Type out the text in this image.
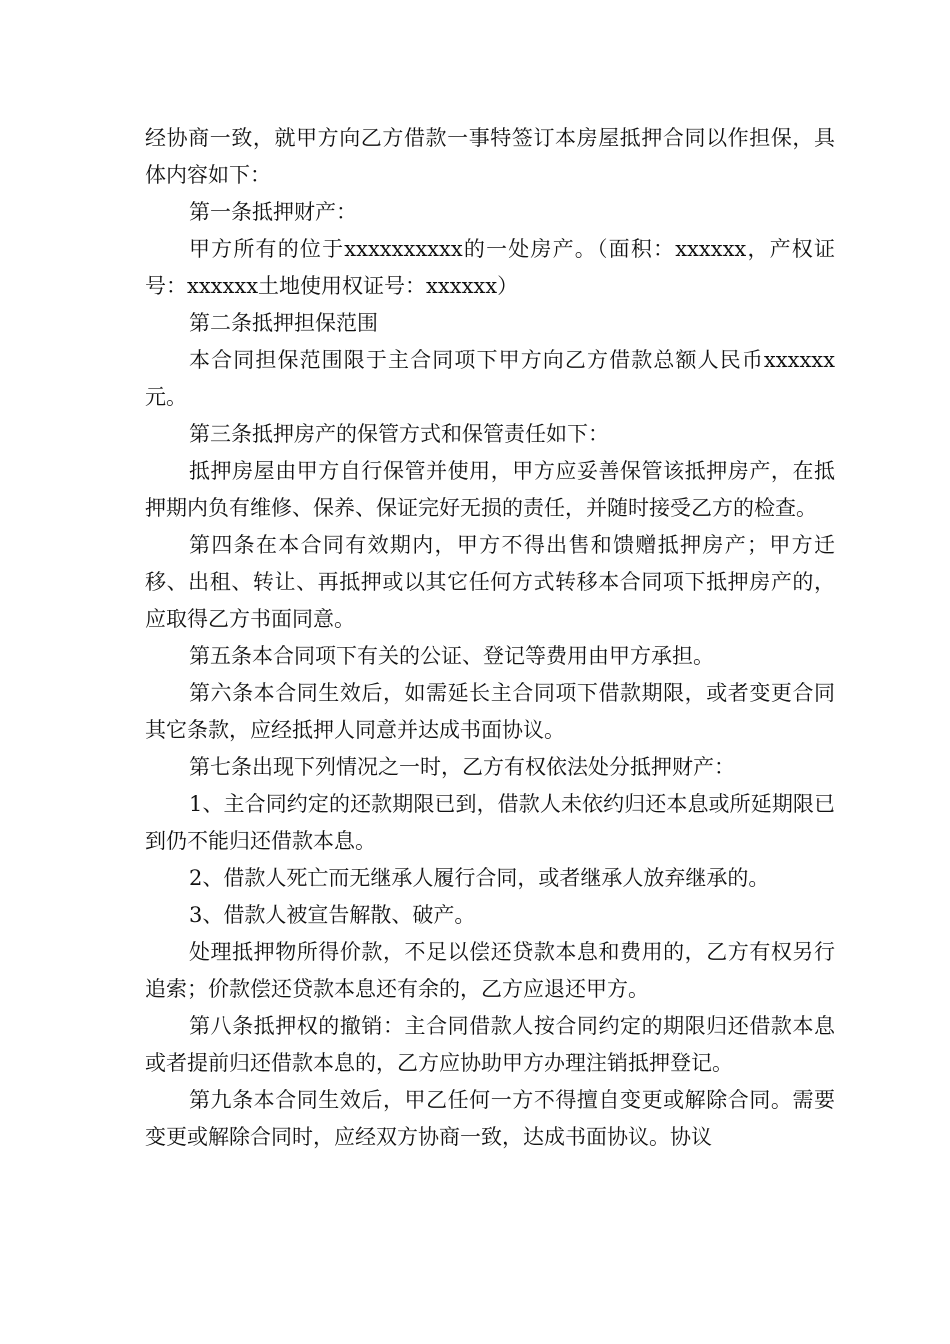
经协商一致，就甲方向乙方借款一事特签订本房屋抵押合同以作担保，具体内容如下：

第一条抵押财产：

甲方所有的位于xxxxxxxxxx的一处房产。（面积：xxxxxx，产权证号：xxxxxx土地使用权证号：xxxxxx）

第二条抵押担保范围

本合同担保范围限于主合同项下甲方向乙方借款总额人民币xxxxxx元。

第三条抵押房产的保管方式和保管责任如下：

抵押房屋由甲方自行保管并使用，甲方应妥善保管该抵押房产，在抵押期内负有维修、保养、保证完好无损的责任，并随时接受乙方的检查。

第四条在本合同有效期内，甲方不得出售和馈赠抵押房产；甲方迁移、出租、转让、再抵押或以其它任何方式转移本合同项下抵押房产的，应取得乙方书面同意。

第五条本合同项下有关的公证、登记等费用由甲方承担。

第六条本合同生效后，如需延长主合同项下借款期限，或者变更合同其它条款，应经抵押人同意并达成书面协议。

第七条出现下列情况之一时，乙方有权依法处分抵押财产：

1、主合同约定的还款期限已到，借款人未依约归还本息或所延期限已到仍不能归还借款本息。

2、借款人死亡而无继承人履行合同，或者继承人放弃继承的。

3、借款人被宣告解散、破产。

处理抵押物所得价款，不足以偿还贷款本息和费用的，乙方有权另行追索；价款偿还贷款本息还有余的，乙方应退还甲方。

第八条抵押权的撤销：主合同借款人按合同约定的期限归还借款本息或者提前归还借款本息的，乙方应协助甲方办理注销抵押登记。

第九条本合同生效后，甲乙任何一方不得擅自变更或解除合同。需要变更或解除合同时，应经双方协商一致，达成书面协议。协议
